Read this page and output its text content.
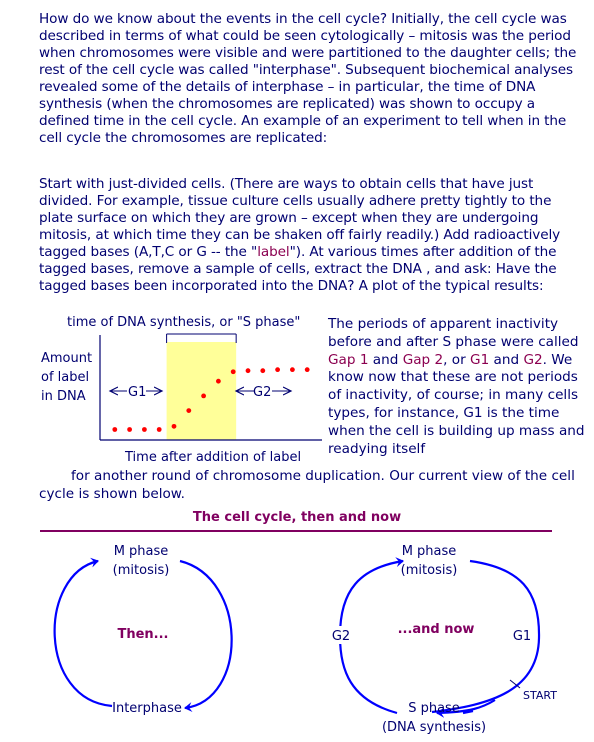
How do we know about the events in the cell cycle? Initially, the cell cycle was described in terms of what could be seen cytologically – mitosis was the period when chromosomes were visible and were partitioned to the daughter cells; the rest of the cell cycle was called "interphase". Subsequent biochemical analyses revealed some of the details of interphase – in particular, the time of DNA synthesis (when the chromosomes are replicated) was shown to occupy a defined time in the cell cycle. An example of an experiment to tell when in the cell cycle the chromosomes are replicated:

Start with just-divided cells. (There are ways to obtain cells that have just divided. For example, tissue culture cells usually adhere pretty tightly to the plate surface on which they are grown – except when they are undergoing mitosis, at which time they can be shaken off fairly readily.) Add radioactively tagged bases (A,T,C or G -- the "label"). At various times after addition of the tagged bases, remove a sample of cells, extract the DNA , and ask: Have the tagged bases been incorporated into the DNA? A plot of the typical results:

The periods of apparent inactivity before and after S phase were called Gap 1 and Gap 2, or G1 and G2. We know now that these are not periods of inactivity, of course; in many cells types, for instance, G1 is the time when the cell is building up mass and readying itself

for another round of chromosome duplication. Our current view of the cell cycle is shown below.

The cell cycle, then and now
time of DNA synthesis, or "S phase"
Amount
of label
in DNA
Time after addition of label
G1	G2
M phase
(mitosis)
Then...
Interphase
M phase
(mitosis)
...and now
G2	G1
START
S phase
(DNA synthesis)
